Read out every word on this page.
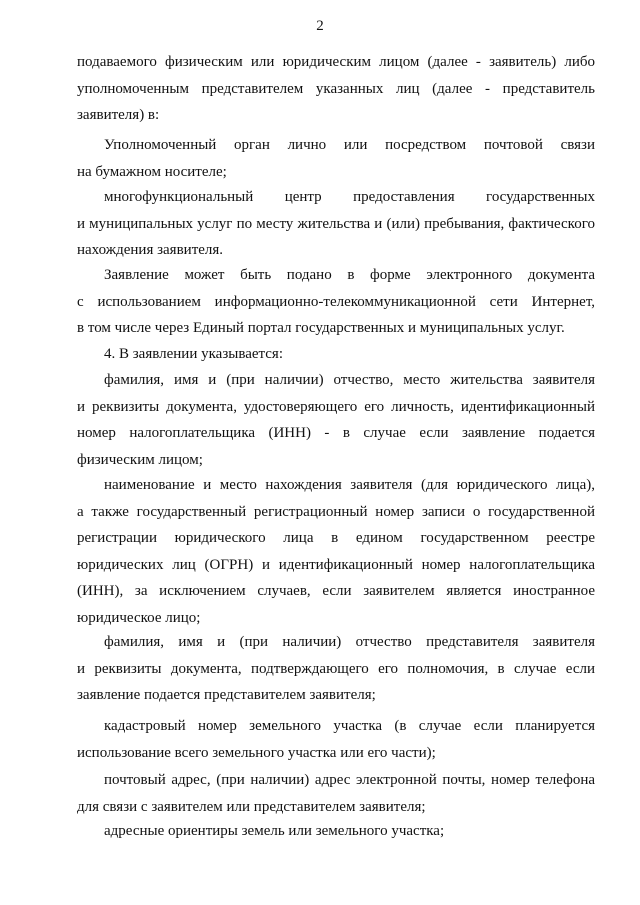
2

подаваемого физическим или юридическим лицом (далее - заявитель) либо
уполномоченным представителем указанных лиц (далее - представитель
заявителя) в:

Уполномоченный орган лично или посредством почтовой связи
на бумажном носителе;

многофункциональный центр предоставления государственных
и муниципальных услуг по месту жительства и (или) пребывания, фактического
нахождения заявителя.

Заявление может быть подано в форме электронного документа
с использованием информационно-телекоммуникационной сети Интернет,
в том числе через Единый портал государственных и муниципальных услуг.

4. В заявлении указывается:

фамилия, имя и (при наличии) отчество, место жительства заявителя
и реквизиты документа, удостоверяющего его личность, идентификационный
номер налогоплательщика (ИНН) - в случае если заявление подается
физическим лицом;

наименование и место нахождения заявителя (для юридического лица),
а также государственный регистрационный номер записи о государственной
регистрации юридического лица в едином государственном реестре
юридических лиц (ОГРН) и идентификационный номер налогоплательщика
(ИНН), за исключением случаев, если заявителем является иностранное
юридическое лицо;

фамилия, имя и (при наличии) отчество представителя заявителя
и реквизиты документа, подтверждающего его полномочия, в случае если
заявление подается представителем заявителя;

кадастровый номер земельного участка (в случае если планируется
использование всего земельного участка или его части);

почтовый адрес, (при наличии) адрес электронной почты, номер телефона
для связи с заявителем или представителем заявителя;

адресные ориентиры земель или земельного участка;
